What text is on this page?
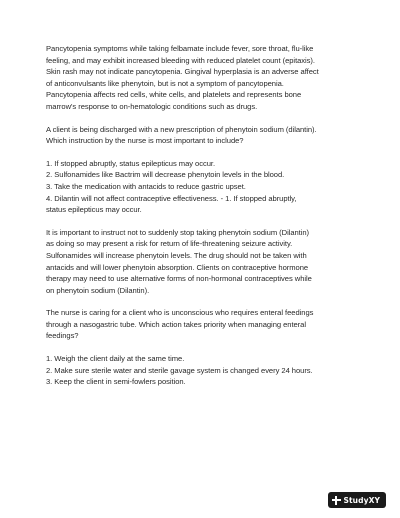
Pancytopenia symptoms while taking felbamate include fever, sore throat, flu-like
feeling, and may exhibit increased bleeding with reduced platelet count (epitaxis).
Skin rash may not indicate pancytopenia. Gingival hyperplasia is an adverse affect
of anticonvulsants like phenytoin, but is not a symptom of pancytopenia.
Pancytopenia affects red cells, white cells, and platelets and represents bone
marrow's response to on-hematologic conditions such as drugs.
A client is being discharged with a new prescription of phenytoin sodium (dilantin).
Which instruction by the nurse is most important to include?
1. If stopped abruptly, status epilepticus may occur.
2. Sulfonamides like Bactrim will decrease phenytoin levels in the blood.
3. Take the medication with antacids to reduce gastric upset.
4. Dilantin will not affect contraceptive effectiveness. - 1. If stopped abruptly,
status epilepticus may occur.
It is important to instruct not to suddenly stop taking phenytoin sodium (Dilantin)
as doing so may present a risk for return of life-threatening seizure activity.
Sulfonamides will increase phenytoin levels. The drug should not be taken with
antacids and will lower phenytoin absorption. Clients on contraceptive hormone
therapy may need to use alternative forms of non-hormonal contraceptives while
on phenytoin sodium (Dilantin).
The nurse is caring for a client who is unconscious who requires enteral feedings
through a nasogastric tube. Which action takes priority when managing enteral
feedings?
1. Weigh the client daily at the same time.
2. Make sure sterile water and sterile gavage system is changed every 24 hours.
3. Keep the client in semi-fowlers position.
StudyXY
